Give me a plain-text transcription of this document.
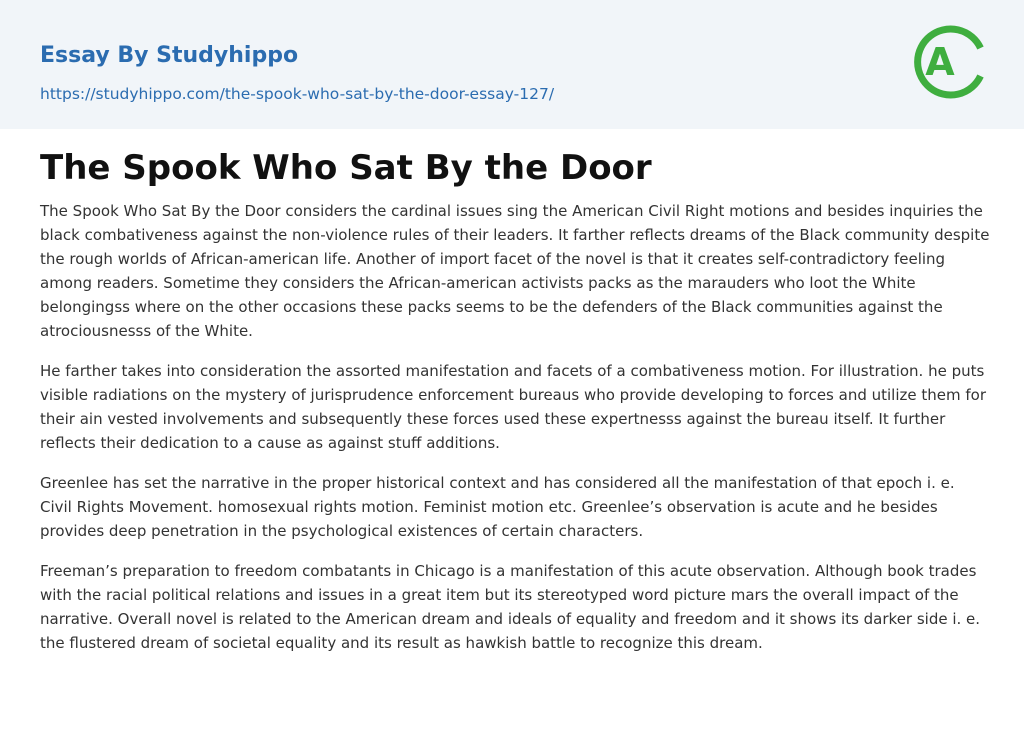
Essay By Studyhippo
https://studyhippo.com/the-spook-who-sat-by-the-door-essay-127/
A
The Spook Who Sat By the Door

The Spook Who Sat By the Door considers the cardinal issues sing the American Civil Right motions and besides inquiries the black combativeness against the non-violence rules of their leaders. It farther reflects dreams of the Black community despite the rough worlds of African-american life. Another of import facet of the novel is that it creates self-contradictory feeling among readers. Sometime they considers the African-american activists packs as the marauders who loot the White belongingss where on the other occasions these packs seems to be the defenders of the Black communities against the atrociousnesss of the White.

He farther takes into consideration the assorted manifestation and facets of a combativeness motion. For illustration. he puts visible radiations on the mystery of jurisprudence enforcement bureaus who provide developing to forces and utilize them for their ain vested involvements and subsequently these forces used these expertnesss against the bureau itself. It further reflects their dedication to a cause as against stuff additions.

Greenlee has set the narrative in the proper historical context and has considered all the manifestation of that epoch i. e. Civil Rights Movement. homosexual rights motion. Feminist motion etc. Greenlee’s observation is acute and he besides provides deep penetration in the psychological existences of certain characters.

Freeman’s preparation to freedom combatants in Chicago is a manifestation of this acute observation. Although book trades with the racial political relations and issues in a great item but its stereotyped word picture mars the overall impact of the narrative. Overall novel is related to the American dream and ideals of equality and freedom and it shows its darker side i. e. the flustered dream of societal equality and its result as hawkish battle to recognize this dream.
